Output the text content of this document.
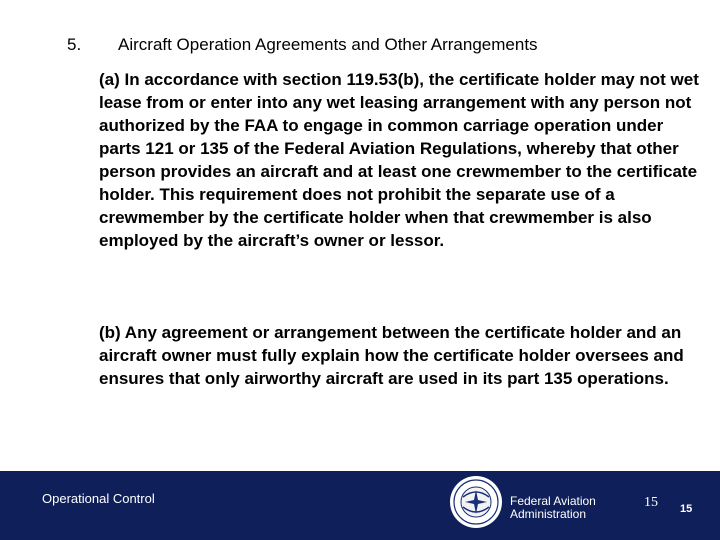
5. Aircraft Operation Agreements and Other Arrangements
(a) In accordance with section 119.53(b), the certificate holder may not wet lease from or enter into any wet leasing arrangement with any person not authorized by the FAA to engage in common carriage operation under parts 121 or 135 of the Federal Aviation Regulations, whereby that other person provides an aircraft and at least one crewmember to the certificate holder. This requirement does not prohibit the separate use of a crewmember by the certificate holder when that crewmember is also employed by the aircraft’s owner or lessor.
(b) Any agreement or arrangement between the certificate holder and an aircraft owner must fully explain how the certificate holder oversees and ensures that only airworthy aircraft are used in its part 135 operations.
Operational Control	Federal Aviation
Administration
15 15
